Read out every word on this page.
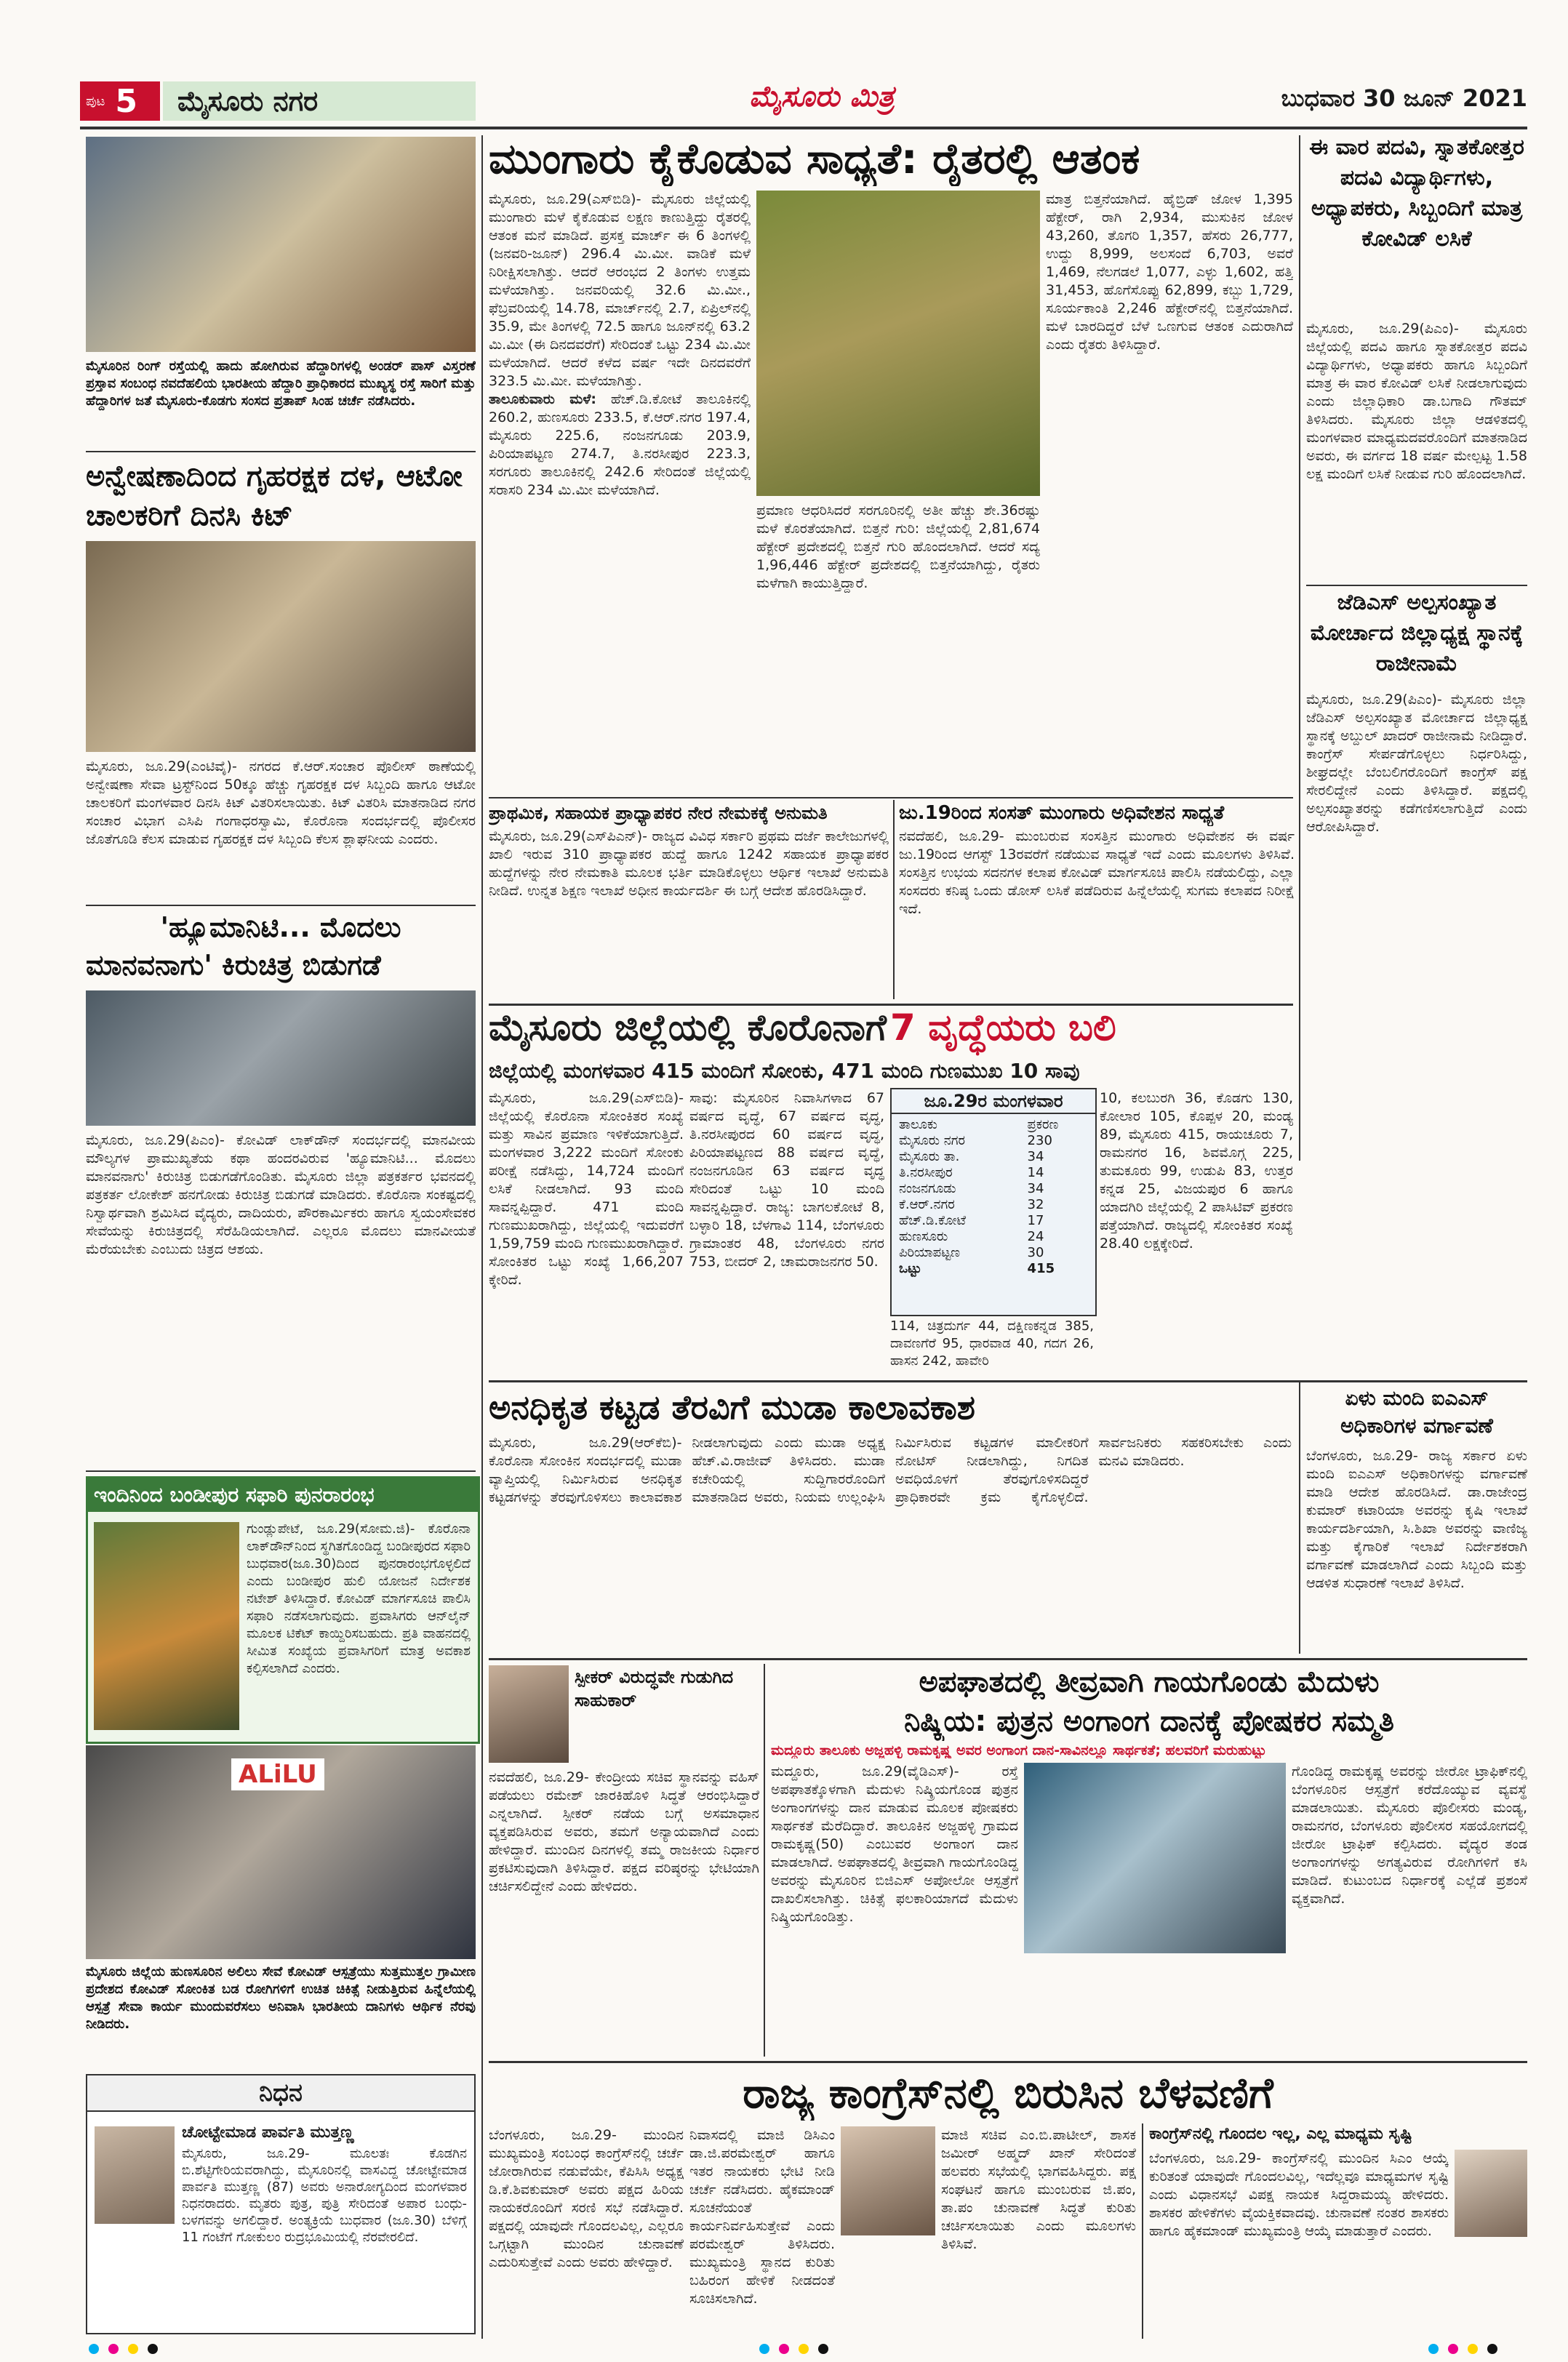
ಪುಟ 5 ಮೈಸೂರು ನಗರ	ಮೈಸೂರು ಮಿತ್ರ	ಬುಧವಾರ 30 ಜೂನ್ 2021
ಮೈಸೂರಿನ ರಿಂಗ್ ರಸ್ತೆಯಲ್ಲಿ ಹಾದು ಹೋಗಿರುವ ಹೆದ್ದಾರಿಗಳಲ್ಲಿ ಅಂಡರ್ ಪಾಸ್ ವಿಸ್ತರಣೆ ಪ್ರಸ್ತಾವ ಸಂಬಂಧ ನವದೆಹಲಿಯ ಭಾರತೀಯ ಹೆದ್ದಾರಿ ಪ್ರಾಧಿಕಾರದ ಮುಖ್ಯಸ್ಥ ರಸ್ತೆ ಸಾರಿಗೆ ಮತ್ತು ಹೆದ್ದಾರಿಗಳ ಜತೆ ಮೈಸೂರು-ಕೊಡಗು ಸಂಸದ ಪ್ರತಾಪ್ ಸಿಂಹ ಚರ್ಚೆ ನಡೆಸಿದರು.
ಅನ್ವೇಷಣಾದಿಂದ ಗೃಹರಕ್ಷಕ ದಳ, ಆಟೋ ಚಾಲಕರಿಗೆ ದಿನಸಿ ಕಿಟ್
ಮೈಸೂರು, ಜೂ.29(ಎಂಟಿವೈ)- ನಗರದ ಕೆ.ಆರ್.ಸಂಚಾರ ಪೊಲೀಸ್ ಠಾಣೆಯಲ್ಲಿ ಅನ್ವೇಷಣಾ ಸೇವಾ ಟ್ರಸ್ಟ್‌ನಿಂದ 50ಕ್ಕೂ ಹೆಚ್ಚು ಗೃಹರಕ್ಷಕ ದಳ ಸಿಬ್ಬಂದಿ ಹಾಗೂ ಆಟೋ ಚಾಲಕರಿಗೆ ಮಂಗಳವಾರ ದಿನಸಿ ಕಿಟ್ ವಿತರಿಸಲಾಯಿತು. ಕಿಟ್ ವಿತರಿಸಿ ಮಾತನಾಡಿದ ನಗರ ಸಂಚಾರ ವಿಭಾಗ ಎಸಿಪಿ ಗಂಗಾಧರಸ್ವಾಮಿ, ಕೊರೊನಾ ಸಂದರ್ಭದಲ್ಲಿ ಪೊಲೀಸರ ಜೊತೆಗೂಡಿ ಕೆಲಸ ಮಾಡುವ ಗೃಹರಕ್ಷಕ ದಳ ಸಿಬ್ಬಂದಿ ಕೆಲಸ ಶ್ಲಾಘನೀಯ ಎಂದರು.
'ಹ್ಯೂಮಾನಿಟಿ... ಮೊದಲು
ಮಾನವನಾಗು' ಕಿರುಚಿತ್ರ ಬಿಡುಗಡೆ
ಮೈಸೂರು, ಜೂ.29(ಪಿಎಂ)- ಕೋವಿಡ್ ಲಾಕ್‌ಡೌನ್ ಸಂದರ್ಭದಲ್ಲಿ ಮಾನವೀಯ ಮೌಲ್ಯಗಳ ಪ್ರಾಮುಖ್ಯತೆಯ ಕಥಾ ಹಂದರವಿರುವ 'ಹ್ಯೂಮಾನಿಟಿ... ಮೊದಲು ಮಾನವನಾಗು' ಕಿರುಚಿತ್ರ ಬಿಡುಗಡೆಗೊಂಡಿತು. ಮೈಸೂರು ಜಿಲ್ಲಾ ಪತ್ರಕರ್ತರ ಭವನದಲ್ಲಿ ಪತ್ರಕರ್ತ ಲೋಕೇಶ್ ಹನಗೋಡು ಕಿರುಚಿತ್ರ ಬಿಡುಗಡೆ ಮಾಡಿದರು. ಕೊರೊನಾ ಸಂಕಷ್ಟದಲ್ಲಿ ನಿಸ್ವಾರ್ಥವಾಗಿ ಶ್ರಮಿಸಿದ ವೈದ್ಯರು, ದಾದಿಯರು, ಪೌರಕಾರ್ಮಿಕರು ಹಾಗೂ ಸ್ವಯಂಸೇವಕರ ಸೇವೆಯನ್ನು ಕಿರುಚಿತ್ರದಲ್ಲಿ ಸೆರೆಹಿಡಿಯಲಾಗಿದೆ. ಎಲ್ಲರೂ ಮೊದಲು ಮಾನವೀಯತೆ ಮೆರೆಯಬೇಕು ಎಂಬುದು ಚಿತ್ರದ ಆಶಯ.
ಇಂದಿನಿಂದ ಬಂಡೀಪುರ ಸಫಾರಿ ಪುನರಾರಂಭ
ಗುಂಡ್ಲುಪೇಟೆ, ಜೂ.29(ಸೋಮ.ಜಿ)- ಕೊರೊನಾ ಲಾಕ್‌ಡೌನ್‌ನಿಂದ ಸ್ಥಗಿತಗೊಂಡಿದ್ದ ಬಂಡೀಪುರದ ಸಫಾರಿ ಬುಧವಾರ(ಜೂ.30)ದಿಂದ ಪುನರಾರಂಭಗೊಳ್ಳಲಿದೆ ಎಂದು ಬಂಡೀಪುರ ಹುಲಿ ಯೋಜನೆ ನಿರ್ದೇಶಕ ನಟೇಶ್ ತಿಳಿಸಿದ್ದಾರೆ. ಕೋವಿಡ್ ಮಾರ್ಗಸೂಚಿ ಪಾಲಿಸಿ ಸಫಾರಿ ನಡೆಸಲಾಗುವುದು. ಪ್ರವಾಸಿಗರು ಆನ್‌ಲೈನ್ ಮೂಲಕ ಟಿಕೆಟ್ ಕಾಯ್ದಿರಿಸಬಹುದು. ಪ್ರತಿ ವಾಹನದಲ್ಲಿ ಸೀಮಿತ ಸಂಖ್ಯೆಯ ಪ್ರವಾಸಿಗರಿಗೆ ಮಾತ್ರ ಅವಕಾಶ ಕಲ್ಪಿಸಲಾಗಿದೆ ಎಂದರು.
ALiLU
ಮೈಸೂರು ಜಿಲ್ಲೆಯ ಹುಣಸೂರಿನ ಅಲಿಲು ಸೇವೆ ಕೋವಿಡ್ ಆಸ್ಪತ್ರೆಯು ಸುತ್ತಮುತ್ತಲ ಗ್ರಾಮೀಣ ಪ್ರದೇಶದ ಕೋವಿಡ್ ಸೋಂಕಿತ ಬಡ ರೋಗಿಗಳಿಗೆ ಉಚಿತ ಚಿಕಿತ್ಸೆ ನೀಡುತ್ತಿರುವ ಹಿನ್ನೆಲೆಯಲ್ಲಿ ಆಸ್ಪತ್ರೆ ಸೇವಾ ಕಾರ್ಯ ಮುಂದುವರೆಸಲು ಅನಿವಾಸಿ ಭಾರತೀಯ ದಾನಿಗಳು ಆರ್ಥಿಕ ನೆರವು ನೀಡಿದರು.
ನಿಧನ
ಚೋಟ್ಟೇಮಾಡ ಪಾರ್ವತಿ ಮುತ್ತಣ್ಣ
ಮೈಸೂರು, ಜೂ.29- ಮೂಲತಃ ಕೊಡಗಿನ ಬಿ.ಶೆಟ್ಟಿಗೇರಿಯವರಾಗಿದ್ದು, ಮೈಸೂರಿನಲ್ಲಿ ವಾಸವಿದ್ದ ಚೋಟ್ಟೇಮಾಡ ಪಾರ್ವತಿ ಮುತ್ತಣ್ಣ (87) ಅವರು ಅನಾರೋಗ್ಯದಿಂದ ಮಂಗಳವಾರ ನಿಧನರಾದರು. ಮೃತರು ಪುತ್ರ, ಪುತ್ರಿ ಸೇರಿದಂತೆ ಅಪಾರ ಬಂಧು-ಬಳಗವನ್ನು ಅಗಲಿದ್ದಾರೆ. ಅಂತ್ಯಕ್ರಿಯೆ ಬುಧವಾರ (ಜೂ.30) ಬೆಳಿಗ್ಗೆ 11 ಗಂಟೆಗೆ ಗೋಕುಲಂ ರುದ್ರಭೂಮಿಯಲ್ಲಿ ನೆರವೇರಲಿದೆ.
ಮುಂಗಾರು ಕೈಕೊಡುವ ಸಾಧ್ಯತೆ: ರೈತರಲ್ಲಿ ಆತಂಕ
ಮೈಸೂರು, ಜೂ.29(ಎಸ್‌ಬಿಡಿ)- ಮೈಸೂರು ಜಿಲ್ಲೆಯಲ್ಲಿ ಮುಂಗಾರು ಮಳೆ ಕೈಕೊಡುವ ಲಕ್ಷಣ ಕಾಣುತ್ತಿದ್ದು ರೈತರಲ್ಲಿ ಆತಂಕ ಮನೆ ಮಾಡಿದೆ. ಪ್ರಸಕ್ತ ಮಾರ್ಚ್ ಈ 6 ತಿಂಗಳಲ್ಲಿ (ಜನವರಿ-ಜೂನ್) 296.4 ಮಿ.ಮೀ. ವಾಡಿಕೆ ಮಳೆ ನಿರೀಕ್ಷಿಸಲಾಗಿತ್ತು. ಆದರೆ ಆರಂಭದ 2 ತಿಂಗಳು ಉತ್ತಮ ಮಳೆಯಾಗಿತ್ತು. ಜನವರಿಯಲ್ಲಿ 32.6 ಮಿ.ಮೀ., ಫೆಬ್ರವರಿಯಲ್ಲಿ 14.78, ಮಾರ್ಚ್‌ನಲ್ಲಿ 2.7, ಏಪ್ರಿಲ್‌ನಲ್ಲಿ 35.9, ಮೇ ತಿಂಗಳಲ್ಲಿ 72.5 ಹಾಗೂ ಜೂನ್‌ನಲ್ಲಿ 63.2 ಮಿ.ಮೀ (ಈ ದಿನದವರೆಗೆ) ಸೇರಿದಂತೆ ಒಟ್ಟು 234 ಮಿ.ಮೀ ಮಳೆಯಾಗಿದೆ. ಆದರೆ ಕಳೆದ ವರ್ಷ ಇದೇ ದಿನದವರೆಗೆ 323.5 ಮಿ.ಮೀ. ಮಳೆಯಾಗಿತ್ತು.
ತಾಲೂಕುವಾರು ಮಳೆ: ಹೆಚ್.ಡಿ.ಕೋಟೆ ತಾಲೂಕಿನಲ್ಲಿ 260.2, ಹುಣಸೂರು 233.5, ಕೆ.ಆರ್.ನಗರ 197.4, ಮೈಸೂರು 225.6, ನಂಜನಗೂಡು 203.9, ಪಿರಿಯಾಪಟ್ಟಣ 274.7, ತಿ.ನರಸೀಪುರ 223.3, ಸರಗೂರು ತಾಲೂಕಿನಲ್ಲಿ 242.6 ಸೇರಿದಂತೆ ಜಿಲ್ಲೆಯಲ್ಲಿ ಸರಾಸರಿ 234 ಮಿ.ಮೀ ಮಳೆಯಾಗಿದೆ.
ಪ್ರಮಾಣ ಆಧರಿಸಿದರೆ ಸರಗೂರಿನಲ್ಲಿ ಅತೀ ಹೆಚ್ಚು ಶೇ.36ರಷ್ಟು ಮಳೆ ಕೊರತೆಯಾಗಿದೆ. ಬಿತ್ತನೆ ಗುರಿ: ಜಿಲ್ಲೆಯಲ್ಲಿ 2,81,674 ಹೆಕ್ಟೇರ್ ಪ್ರದೇಶದಲ್ಲಿ ಬಿತ್ತನೆ ಗುರಿ ಹೊಂದಲಾಗಿದೆ. ಆದರೆ ಸದ್ಯ 1,96,446 ಹೆಕ್ಟೇರ್ ಪ್ರದೇಶದಲ್ಲಿ ಬಿತ್ತನೆಯಾಗಿದ್ದು, ರೈತರು ಮಳೆಗಾಗಿ ಕಾಯುತ್ತಿದ್ದಾರೆ.
ಮಾತ್ರ ಬಿತ್ತನೆಯಾಗಿದೆ. ಹೈಬ್ರಿಡ್ ಜೋಳ 1,395 ಹೆಕ್ಟೇರ್, ರಾಗಿ 2,934, ಮುಸುಕಿನ ಜೋಳ 43,260, ತೊಗರಿ 1,357, ಹೆಸರು 26,777, ಉದ್ದು 8,999, ಅಲಸಂದೆ 6,703, ಅವರೆ 1,469, ನೆಲಗಡಲೆ 1,077, ಎಳ್ಳು 1,602, ಹತ್ತಿ 31,453, ಹೊಗೆಸೊಪ್ಪು 62,899, ಕಬ್ಬು 1,729, ಸೂರ್ಯಕಾಂತಿ 2,246 ಹೆಕ್ಟೇರ್‌ನಲ್ಲಿ ಬಿತ್ತನೆಯಾಗಿದೆ. ಮಳೆ ಬಾರದಿದ್ದರೆ ಬೆಳೆ ಒಣಗುವ ಆತಂಕ ಎದುರಾಗಿದೆ ಎಂದು ರೈತರು ತಿಳಿಸಿದ್ದಾರೆ.
ಈ ವಾರ ಪದವಿ, ಸ್ನಾತಕೋತ್ತರ ಪದವಿ ವಿದ್ಯಾರ್ಥಿಗಳು, ಅಧ್ಯಾಪಕರು, ಸಿಬ್ಬಂದಿಗೆ ಮಾತ್ರ ಕೋವಿಡ್ ಲಸಿಕೆ
ಮೈಸೂರು, ಜೂ.29(ಪಿಎಂ)- ಮೈಸೂರು ಜಿಲ್ಲೆಯಲ್ಲಿ ಪದವಿ ಹಾಗೂ ಸ್ನಾತಕೋತ್ತರ ಪದವಿ ವಿದ್ಯಾರ್ಥಿಗಳು, ಅಧ್ಯಾಪಕರು ಹಾಗೂ ಸಿಬ್ಬಂದಿಗೆ ಮಾತ್ರ ಈ ವಾರ ಕೋವಿಡ್ ಲಸಿಕೆ ನೀಡಲಾಗುವುದು ಎಂದು ಜಿಲ್ಲಾಧಿಕಾರಿ ಡಾ.ಬಗಾದಿ ಗೌತಮ್ ತಿಳಿಸಿದರು. ಮೈಸೂರು ಜಿಲ್ಲಾ ಆಡಳಿತದಲ್ಲಿ ಮಂಗಳವಾರ ಮಾಧ್ಯಮದವರೊಂದಿಗೆ ಮಾತನಾಡಿದ ಅವರು, ಈ ವರ್ಗದ 18 ವರ್ಷ ಮೇಲ್ಪಟ್ಟ 1.58 ಲಕ್ಷ ಮಂದಿಗೆ ಲಸಿಕೆ ನೀಡುವ ಗುರಿ ಹೊಂದಲಾಗಿದೆ.
ಜೆಡಿಎಸ್ ಅಲ್ಪಸಂಖ್ಯಾತ ಮೋರ್ಚಾದ ಜಿಲ್ಲಾಧ್ಯಕ್ಷ ಸ್ಥಾನಕ್ಕೆ ರಾಜೀನಾಮೆ
ಮೈಸೂರು, ಜೂ.29(ಪಿಎಂ)- ಮೈಸೂರು ಜಿಲ್ಲಾ ಜೆಡಿಎಸ್ ಅಲ್ಪಸಂಖ್ಯಾತ ಮೋರ್ಚಾದ ಜಿಲ್ಲಾಧ್ಯಕ್ಷ ಸ್ಥಾನಕ್ಕೆ ಅಬ್ದುಲ್ ಖಾದರ್ ರಾಜೀನಾಮೆ ನೀಡಿದ್ದಾರೆ. ಕಾಂಗ್ರೆಸ್ ಸೇರ್ಪಡೆಗೊಳ್ಳಲು ನಿರ್ಧರಿಸಿದ್ದು, ಶೀಘ್ರದಲ್ಲೇ ಬೆಂಬಲಿಗರೊಂದಿಗೆ ಕಾಂಗ್ರೆಸ್ ಪಕ್ಷ ಸೇರಲಿದ್ದೇನೆ ಎಂದು ತಿಳಿಸಿದ್ದಾರೆ. ಪಕ್ಷದಲ್ಲಿ ಅಲ್ಪಸಂಖ್ಯಾತರನ್ನು ಕಡೆಗಣಿಸಲಾಗುತ್ತಿದೆ ಎಂದು ಆರೋಪಿಸಿದ್ದಾರೆ.
ಪ್ರಾಥಮಿಕ, ಸಹಾಯಕ ಪ್ರಾಧ್ಯಾಪಕರ ನೇರ ನೇಮಕಕ್ಕೆ ಅನುಮತಿ
ಮೈಸೂರು, ಜೂ.29(ಎಸ್‌ಪಿಎನ್)- ರಾಜ್ಯದ ವಿವಿಧ ಸರ್ಕಾರಿ ಪ್ರಥಮ ದರ್ಜೆ ಕಾಲೇಜುಗಳಲ್ಲಿ ಖಾಲಿ ಇರುವ 310 ಪ್ರಾಧ್ಯಾಪಕರ ಹುದ್ದೆ ಹಾಗೂ 1242 ಸಹಾಯಕ ಪ್ರಾಧ್ಯಾಪಕರ ಹುದ್ದೆಗಳನ್ನು ನೇರ ನೇಮಕಾತಿ ಮೂಲಕ ಭರ್ತಿ ಮಾಡಿಕೊಳ್ಳಲು ಆರ್ಥಿಕ ಇಲಾಖೆ ಅನುಮತಿ ನೀಡಿದೆ. ಉನ್ನತ ಶಿಕ್ಷಣ ಇಲಾಖೆ ಅಧೀನ ಕಾರ್ಯದರ್ಶಿ ಈ ಬಗ್ಗೆ ಆದೇಶ ಹೊರಡಿಸಿದ್ದಾರೆ.
ಜು.19ರಿಂದ ಸಂಸತ್ ಮುಂಗಾರು ಅಧಿವೇಶನ ಸಾಧ್ಯತೆ
ನವದೆಹಲಿ, ಜೂ.29- ಮುಂಬರುವ ಸಂಸತ್ತಿನ ಮುಂಗಾರು ಅಧಿವೇಶನ ಈ ವರ್ಷ ಜು.19ರಿಂದ ಆಗಸ್ಟ್ 13ರವರೆಗೆ ನಡೆಯುವ ಸಾಧ್ಯತೆ ಇದೆ ಎಂದು ಮೂಲಗಳು ತಿಳಿಸಿವೆ. ಸಂಸತ್ತಿನ ಉಭಯ ಸದನಗಳ ಕಲಾಪ ಕೋವಿಡ್ ಮಾರ್ಗಸೂಚಿ ಪಾಲಿಸಿ ನಡೆಯಲಿದ್ದು, ಎಲ್ಲಾ ಸಂಸದರು ಕನಿಷ್ಠ ಒಂದು ಡೋಸ್ ಲಸಿಕೆ ಪಡೆದಿರುವ ಹಿನ್ನೆಲೆಯಲ್ಲಿ ಸುಗಮ ಕಲಾಪದ ನಿರೀಕ್ಷೆ ಇದೆ.
ಮೈಸೂರು ಜಿಲ್ಲೆಯಲ್ಲಿ ಕೊರೊನಾಗೆ 7 ವೃದ್ಧೆಯರು ಬಲಿ
ಜಿಲ್ಲೆಯಲ್ಲಿ ಮಂಗಳವಾರ 415 ಮಂದಿಗೆ ಸೋಂಕು, 471 ಮಂದಿ ಗುಣಮುಖ 10 ಸಾವು
ಮೈಸೂರು, ಜೂ.29(ಎಸ್‌ಬಿಡಿ)- ಜಿಲ್ಲೆಯಲ್ಲಿ ಕೊರೊನಾ ಸೋಂಕಿತರ ಸಂಖ್ಯೆ ಮತ್ತು ಸಾವಿನ ಪ್ರಮಾಣ ಇಳಿಕೆಯಾಗುತ್ತಿದೆ. ಮಂಗಳವಾರ 3,222 ಮಂದಿಗೆ ಸೋಂಕು ಪರೀಕ್ಷೆ ನಡೆಸಿದ್ದು, 14,724 ಮಂದಿಗೆ ಲಸಿಕೆ ನೀಡಲಾಗಿದೆ. 93 ಮಂದಿ ಸಾವನ್ನಪ್ಪಿದ್ದಾರೆ. 471 ಮಂದಿ ಗುಣಮುಖರಾಗಿದ್ದು, ಜಿಲ್ಲೆಯಲ್ಲಿ ಇದುವರೆಗೆ 1,59,759 ಮಂದಿ ಗುಣಮುಖರಾಗಿದ್ದಾರೆ. ಸೋಂಕಿತರ ಒಟ್ಟು ಸಂಖ್ಯೆ 1,66,207 ಕ್ಕೇರಿದೆ.
ಸಾವು: ಮೈಸೂರಿನ ನಿವಾಸಿಗಳಾದ 67 ವರ್ಷದ ವೃದ್ಧೆ, 67 ವರ್ಷದ ವೃದ್ಧ, ತಿ.ನರಸೀಪುರದ 60 ವರ್ಷದ ವೃದ್ಧ, ಪಿರಿಯಾಪಟ್ಟಣದ 88 ವರ್ಷದ ವೃದ್ಧೆ, ನಂಜನಗೂಡಿನ 63 ವರ್ಷದ ವೃದ್ಧ ಸೇರಿದಂತೆ ಒಟ್ಟು 10 ಮಂದಿ ಸಾವನ್ನಪ್ಪಿದ್ದಾರೆ. ರಾಜ್ಯ: ಬಾಗಲಕೋಟೆ 8, ಬಳ್ಳಾರಿ 18, ಬೆಳಗಾವಿ 114, ಬೆಂಗಳೂರು ಗ್ರಾಮಾಂತರ 48, ಬೆಂಗಳೂರು ನಗರ 753, ಬೀದರ್ 2, ಚಾಮರಾಜನಗರ 50.
ಜೂ.29ರ ಮಂಗಳವಾರ
ತಾಲೂಕು	ಪ್ರಕರಣ
ಮೈಸೂರು ನಗರ	230
ಮೈಸೂರು ತಾ.	34
ತಿ.ನರಸೀಪುರ	14
ನಂಜನಗೂಡು	34
ಕೆ.ಆರ್.ನಗರ	32
ಹೆಚ್.ಡಿ.ಕೋಟೆ	17
ಹುಣಸೂರು	24
ಪಿರಿಯಾಪಟ್ಟಣ	30
ಒಟ್ಟು	415
114, ಚಿತ್ರದುರ್ಗ 44, ದಕ್ಷಿಣಕನ್ನಡ 385, ದಾವಣಗೆರೆ 95, ಧಾರವಾಡ 40, ಗದಗ 26, ಹಾಸನ 242, ಹಾವೇರಿ
10, ಕಲಬುರಗಿ 36, ಕೊಡಗು 130, ಕೋಲಾರ 105, ಕೊಪ್ಪಳ 20, ಮಂಡ್ಯ 89, ಮೈಸೂರು 415, ರಾಯಚೂರು 7, ರಾಮನಗರ 16, ಶಿವಮೊಗ್ಗ 225, ತುಮಕೂರು 99, ಉಡುಪಿ 83, ಉತ್ತರ ಕನ್ನಡ 25, ವಿಜಯಪುರ 6 ಹಾಗೂ ಯಾದಗಿರಿ ಜಿಲ್ಲೆಯಲ್ಲಿ 2 ಪಾಸಿಟಿವ್ ಪ್ರಕರಣ ಪತ್ತೆಯಾಗಿದೆ. ರಾಜ್ಯದಲ್ಲಿ ಸೋಂಕಿತರ ಸಂಖ್ಯೆ 28.40 ಲಕ್ಷಕ್ಕೇರಿದೆ.
ಅನಧಿಕೃತ ಕಟ್ಟಡ ತೆರವಿಗೆ ಮುಡಾ ಕಾಲಾವಕಾಶ
ಮೈಸೂರು, ಜೂ.29(ಆರ್‌ಕೆಬಿ)- ಕೊರೊನಾ ಸೋಂಕಿನ ಸಂದರ್ಭದಲ್ಲಿ ಮುಡಾ ವ್ಯಾಪ್ತಿಯಲ್ಲಿ ನಿರ್ಮಿಸಿರುವ ಅನಧಿಕೃತ ಕಟ್ಟಡಗಳನ್ನು ತೆರವುಗೊಳಿಸಲು ಕಾಲಾವಕಾಶ ನೀಡಲಾಗುವುದು ಎಂದು ಮುಡಾ ಅಧ್ಯಕ್ಷ ಹೆಚ್.ವಿ.ರಾಜೀವ್ ತಿಳಿಸಿದರು. ಮುಡಾ ಕಚೇರಿಯಲ್ಲಿ ಸುದ್ದಿಗಾರರೊಂದಿಗೆ ಮಾತನಾಡಿದ ಅವರು, ನಿಯಮ ಉಲ್ಲಂಘಿಸಿ ನಿರ್ಮಿಸಿರುವ ಕಟ್ಟಡಗಳ ಮಾಲೀಕರಿಗೆ ನೋಟಿಸ್ ನೀಡಲಾಗಿದ್ದು, ನಿಗದಿತ ಅವಧಿಯೊಳಗೆ ತೆರವುಗೊಳಿಸದಿದ್ದರೆ ಪ್ರಾಧಿಕಾರವೇ ಕ್ರಮ ಕೈಗೊಳ್ಳಲಿದೆ. ಸಾರ್ವಜನಿಕರು ಸಹಕರಿಸಬೇಕು ಎಂದು ಮನವಿ ಮಾಡಿದರು.
ಏಳು ಮಂದಿ ಐಎಎಸ್ ಅಧಿಕಾರಿಗಳ ವರ್ಗಾವಣೆ
ಬೆಂಗಳೂರು, ಜೂ.29- ರಾಜ್ಯ ಸರ್ಕಾರ ಏಳು ಮಂದಿ ಐಎಎಸ್ ಅಧಿಕಾರಿಗಳನ್ನು ವರ್ಗಾವಣೆ ಮಾಡಿ ಆದೇಶ ಹೊರಡಿಸಿದೆ. ಡಾ.ರಾಜೇಂದ್ರ ಕುಮಾರ್ ಕಟಾರಿಯಾ ಅವರನ್ನು ಕೃಷಿ ಇಲಾಖೆ ಕಾರ್ಯದರ್ಶಿಯಾಗಿ, ಸಿ.ಶಿಖಾ ಅವರನ್ನು ವಾಣಿಜ್ಯ ಮತ್ತು ಕೈಗಾರಿಕೆ ಇಲಾಖೆ ನಿರ್ದೇಶಕರಾಗಿ ವರ್ಗಾವಣೆ ಮಾಡಲಾಗಿದೆ ಎಂದು ಸಿಬ್ಬಂದಿ ಮತ್ತು ಆಡಳಿತ ಸುಧಾರಣೆ ಇಲಾಖೆ ತಿಳಿಸಿದೆ.
ಸ್ಪೀಕರ್ ವಿರುದ್ಧವೇ ಗುಡುಗಿದ ಸಾಹುಕಾರ್
ನವದೆಹಲಿ, ಜೂ.29- ಕೇಂದ್ರೀಯ ಸಚಿವ ಸ್ಥಾನವನ್ನು ವಹಿಸ್ ಪಡೆಯಲು ರಮೇಶ್ ಜಾರಕಿಹೊಳಿ ಸಿದ್ಧತೆ ಆರಂಭಿಸಿದ್ದಾರೆ ಎನ್ನಲಾಗಿದೆ. ಸ್ಪೀಕರ್ ನಡೆಯ ಬಗ್ಗೆ ಅಸಮಾಧಾನ ವ್ಯಕ್ತಪಡಿಸಿರುವ ಅವರು, ತಮಗೆ ಅನ್ಯಾಯವಾಗಿದೆ ಎಂದು ಹೇಳಿದ್ದಾರೆ. ಮುಂದಿನ ದಿನಗಳಲ್ಲಿ ತಮ್ಮ ರಾಜಕೀಯ ನಿರ್ಧಾರ ಪ್ರಕಟಿಸುವುದಾಗಿ ತಿಳಿಸಿದ್ದಾರೆ. ಪಕ್ಷದ ವರಿಷ್ಠರನ್ನು ಭೇಟಿಯಾಗಿ ಚರ್ಚಿಸಲಿದ್ದೇನೆ ಎಂದು ಹೇಳಿದರು.
ಅಪಘಾತದಲ್ಲಿ ತೀವ್ರವಾಗಿ ಗಾಯಗೊಂಡು ಮೆದುಳು
ನಿಷ್ಕ್ರಿಯ: ಪುತ್ರನ ಅಂಗಾಂಗ ದಾನಕ್ಕೆ ಪೋಷಕರ ಸಮ್ಮತಿ
ಮದ್ದೂರು ತಾಲೂಕು ಅಜ್ಜಹಳ್ಳಿ ರಾಮಕೃಷ್ಣ ಅವರ ಅಂಗಾಂಗ ದಾನ-ಸಾವಿನಲ್ಲೂ ಸಾರ್ಥಕತೆ; ಹಲವರಿಗೆ ಮರುಹುಟ್ಟು
ಮದ್ದೂರು, ಜೂ.29(ವೈಡಿಎಸ್)- ರಸ್ತೆ ಅಪಘಾತಕ್ಕೊಳಗಾಗಿ ಮೆದುಳು ನಿಷ್ಕ್ರಿಯಗೊಂಡ ಪುತ್ರನ ಅಂಗಾಂಗಗಳನ್ನು ದಾನ ಮಾಡುವ ಮೂಲಕ ಪೋಷಕರು ಸಾರ್ಥಕತೆ ಮೆರೆದಿದ್ದಾರೆ. ತಾಲೂಕಿನ ಅಜ್ಜಹಳ್ಳಿ ಗ್ರಾಮದ ರಾಮಕೃಷ್ಣ(50) ಎಂಬುವರ ಅಂಗಾಂಗ ದಾನ ಮಾಡಲಾಗಿದೆ. ಅಪಘಾತದಲ್ಲಿ ತೀವ್ರವಾಗಿ ಗಾಯಗೊಂಡಿದ್ದ ಅವರನ್ನು ಮೈಸೂರಿನ ಬಿಜಿಎಸ್ ಅಪೋಲೋ ಆಸ್ಪತ್ರೆಗೆ ದಾಖಲಿಸಲಾಗಿತ್ತು. ಚಿಕಿತ್ಸೆ ಫಲಕಾರಿಯಾಗದೆ ಮೆದುಳು ನಿಷ್ಕ್ರಿಯಗೊಂಡಿತ್ತು.
ಗೊಂಡಿದ್ದ ರಾಮಕೃಷ್ಣ ಅವರನ್ನು ಜೀರೋ ಟ್ರಾಫಿಕ್‌ನಲ್ಲಿ ಬೆಂಗಳೂರಿನ ಆಸ್ಪತ್ರೆಗೆ ಕರೆದೊಯ್ಯುವ ವ್ಯವಸ್ಥೆ ಮಾಡಲಾಯಿತು. ಮೈಸೂರು ಪೊಲೀಸರು ಮಂಡ್ಯ, ರಾಮನಗರ, ಬೆಂಗಳೂರು ಪೊಲೀಸರ ಸಹಯೋಗದಲ್ಲಿ ಜೀರೋ ಟ್ರಾಫಿಕ್ ಕಲ್ಪಿಸಿದರು. ವೈದ್ಯರ ತಂಡ ಅಂಗಾಂಗಗಳನ್ನು ಅಗತ್ಯವಿರುವ ರೋಗಿಗಳಿಗೆ ಕಸಿ ಮಾಡಿದೆ. ಕುಟುಂಬದ ನಿರ್ಧಾರಕ್ಕೆ ಎಲ್ಲೆಡೆ ಪ್ರಶಂಸೆ ವ್ಯಕ್ತವಾಗಿದೆ.
ರಾಜ್ಯ ಕಾಂಗ್ರೆಸ್‌ನಲ್ಲಿ ಬಿರುಸಿನ ಬೆಳವಣಿಗೆ
ಬೆಂಗಳೂರು, ಜೂ.29- ಮುಂದಿನ ಮುಖ್ಯಮಂತ್ರಿ ಸಂಬಂಧ ಕಾಂಗ್ರೆಸ್‌ನಲ್ಲಿ ಚರ್ಚೆ ಜೋರಾಗಿರುವ ನಡುವೆಯೇ, ಕೆಪಿಸಿಸಿ ಅಧ್ಯಕ್ಷ ಡಿ.ಕೆ.ಶಿವಕುಮಾರ್ ಅವರು ಪಕ್ಷದ ಹಿರಿಯ ನಾಯಕರೊಂದಿಗೆ ಸರಣಿ ಸಭೆ ನಡೆಸಿದ್ದಾರೆ. ಪಕ್ಷದಲ್ಲಿ ಯಾವುದೇ ಗೊಂದಲವಿಲ್ಲ, ಎಲ್ಲರೂ ಒಗ್ಗಟ್ಟಾಗಿ ಮುಂದಿನ ಚುನಾವಣೆ ಎದುರಿಸುತ್ತೇವೆ ಎಂದು ಅವರು ಹೇಳಿದ್ದಾರೆ.
ನಿವಾಸದಲ್ಲಿ ಮಾಜಿ ಡಿಸಿಎಂ ಡಾ.ಜಿ.ಪರಮೇಶ್ವರ್ ಹಾಗೂ ಇತರ ನಾಯಕರು ಭೇಟಿ ನೀಡಿ ಚರ್ಚೆ ನಡೆಸಿದರು. ಹೈಕಮಾಂಡ್ ಸೂಚನೆಯಂತೆ ಕಾರ್ಯನಿರ್ವಹಿಸುತ್ತೇವೆ ಎಂದು ಪರಮೇಶ್ವರ್ ತಿಳಿಸಿದರು. ಮುಖ್ಯಮಂತ್ರಿ ಸ್ಥಾನದ ಕುರಿತು ಬಹಿರಂಗ ಹೇಳಿಕೆ ನೀಡದಂತೆ ಸೂಚಿಸಲಾಗಿದೆ.
ಮಾಜಿ ಸಚಿವ ಎಂ.ಬಿ.ಪಾಟೀಲ್, ಶಾಸಕ ಜಮೀರ್ ಅಹ್ಮದ್ ಖಾನ್ ಸೇರಿದಂತೆ ಹಲವರು ಸಭೆಯಲ್ಲಿ ಭಾಗವಹಿಸಿದ್ದರು. ಪಕ್ಷ ಸಂಘಟನೆ ಹಾಗೂ ಮುಂಬರುವ ಜಿ.ಪಂ, ತಾ.ಪಂ ಚುನಾವಣೆ ಸಿದ್ಧತೆ ಕುರಿತು ಚರ್ಚಿಸಲಾಯಿತು ಎಂದು ಮೂಲಗಳು ತಿಳಿಸಿವೆ.
ಕಾಂಗ್ರೆಸ್‌ನಲ್ಲಿ ಗೊಂದಲ ಇಲ್ಲ, ಎಲ್ಲ ಮಾಧ್ಯಮ ಸೃಷ್ಟಿ
ಬೆಂಗಳೂರು, ಜೂ.29- ಕಾಂಗ್ರೆಸ್‌ನಲ್ಲಿ ಮುಂದಿನ ಸಿಎಂ ಆಯ್ಕೆ ಕುರಿತಂತೆ ಯಾವುದೇ ಗೊಂದಲವಿಲ್ಲ, ಇದೆಲ್ಲವೂ ಮಾಧ್ಯಮಗಳ ಸೃಷ್ಟಿ ಎಂದು ವಿಧಾನಸಭೆ ವಿಪಕ್ಷ ನಾಯಕ ಸಿದ್ದರಾಮಯ್ಯ ಹೇಳಿದರು. ಶಾಸಕರ ಹೇಳಿಕೆಗಳು ವೈಯಕ್ತಿಕವಾದವು. ಚುನಾವಣೆ ನಂತರ ಶಾಸಕರು ಹಾಗೂ ಹೈಕಮಾಂಡ್ ಮುಖ್ಯಮಂತ್ರಿ ಆಯ್ಕೆ ಮಾಡುತ್ತಾರೆ ಎಂದರು.
